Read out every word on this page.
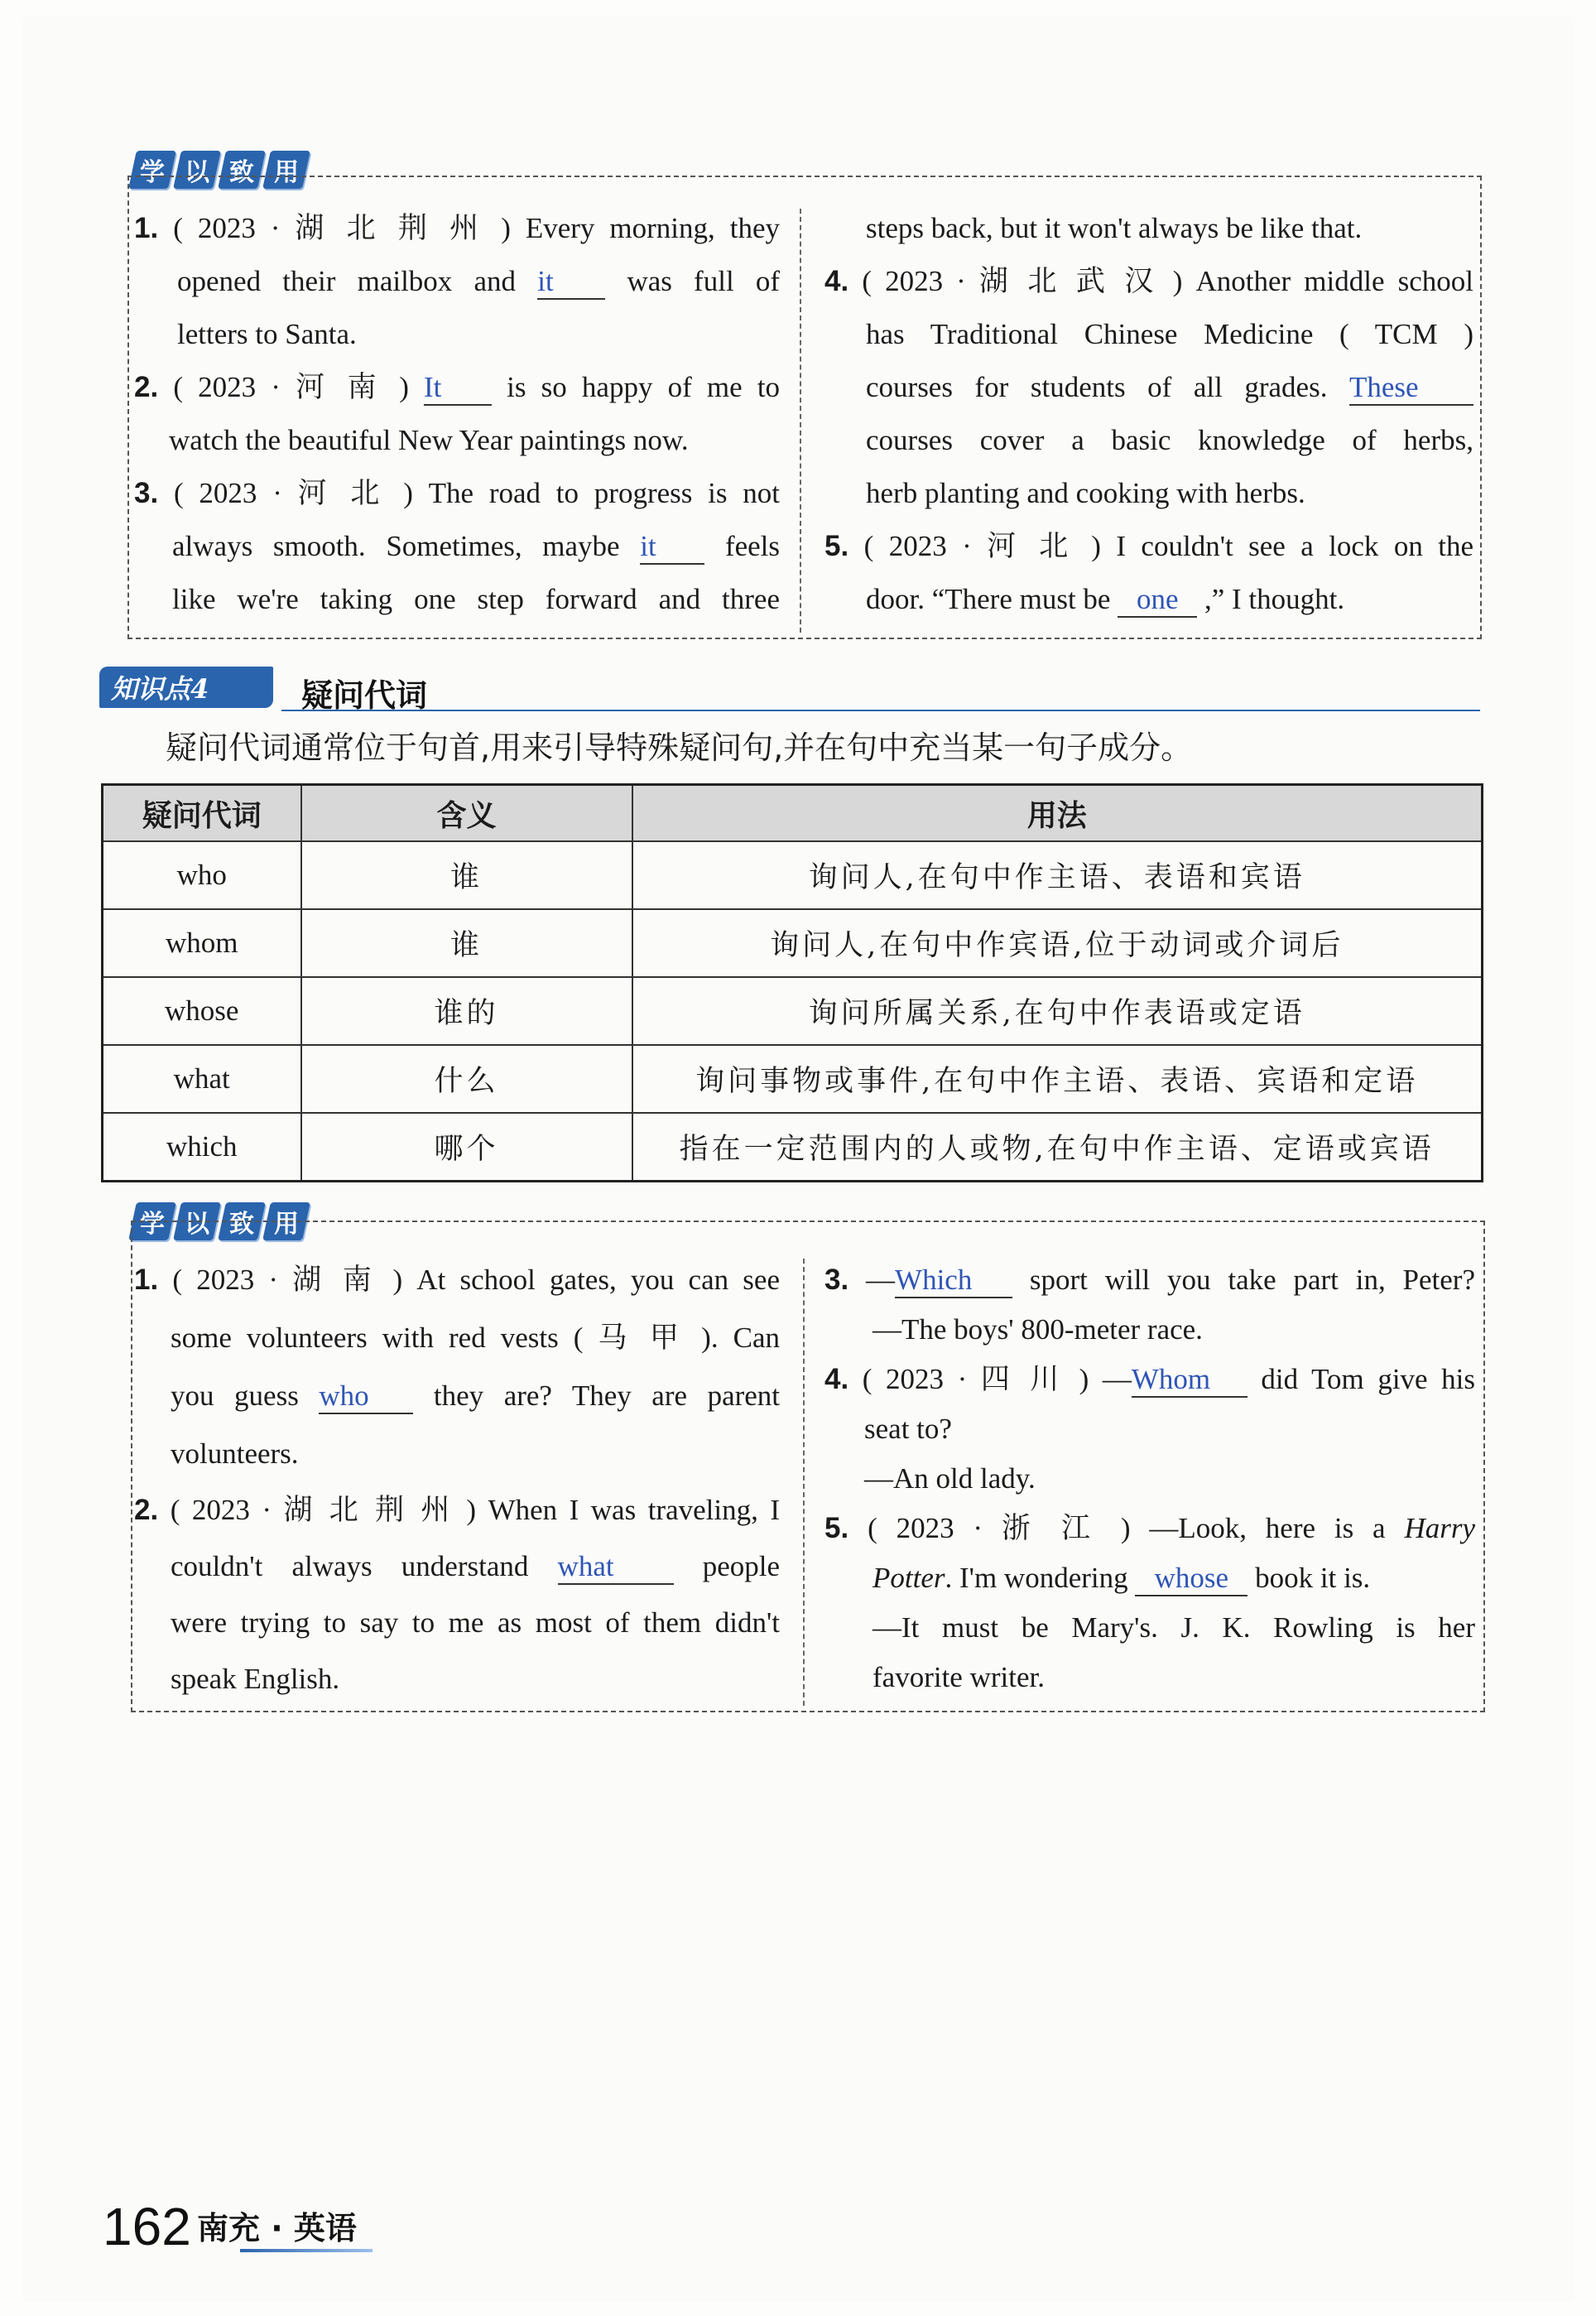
学 以 致 用
1. ( 2023 · 湖 北 荆 州 ) Every morning, they
opened their mailbox and it	was full of
letters to Santa.
2. ( 2023 · 河 南 ) It is so happy of me to
watch the beautiful New Year paintings now.
3. ( 2023 · 河 北 ) The road to progress is not
always smooth. Sometimes, maybe it feels
like we're taking one step forward and three
steps back, but it won't always be like that.
4. ( 2023 · 湖 北 武 汉 ) Another middle school
has Traditional Chinese Medicine ( TCM )
courses for students of all grades. These
courses cover a basic knowledge of herbs,
herb planting and cooking with herbs.
5. ( 2023 · 河 北 ) I couldn't see a lock on the
door. “There must be one ,” I thought.
知识点4	疑问代词
疑问代词通常位于句首,用来引导特殊疑问句,并在句中充当某一句子成分。
疑问代词	含义	用法
who	谁	询问人,在句中作主语、表语和宾语
whom	谁	询问人,在句中作宾语,位于动词或介词后
whose	谁的	询问所属关系,在句中作表语或定语
what	什么	询问事物或事件,在句中作主语、表语、宾语和定语
which	哪个	指在一定范围内的人或物,在句中作主语、定语或宾语
学 以 致 用
1. ( 2023 · 湖 南 ) At school gates, you can see
some volunteers with red vests ( 马 甲 ). Can
you guess who they are? They are parent
volunteers.
2. ( 2023 · 湖 北 荆 州 ) When I was traveling, I
couldn't always understand what	people
were trying to say to me as most of them didn't
speak English.
3. —Which sport will you take part in, Peter?
—The boys' 800-meter race.
4. ( 2023 · 四 川 ) —Whom did Tom give his
seat to?
—An old lady.
5. ( 2023 · 浙 江 ) —Look, here is a Harry
Potter. I'm wondering whose book it is.
—It must be Mary's. J. K. Rowling is her
favorite writer.
162 南充 · 英语
